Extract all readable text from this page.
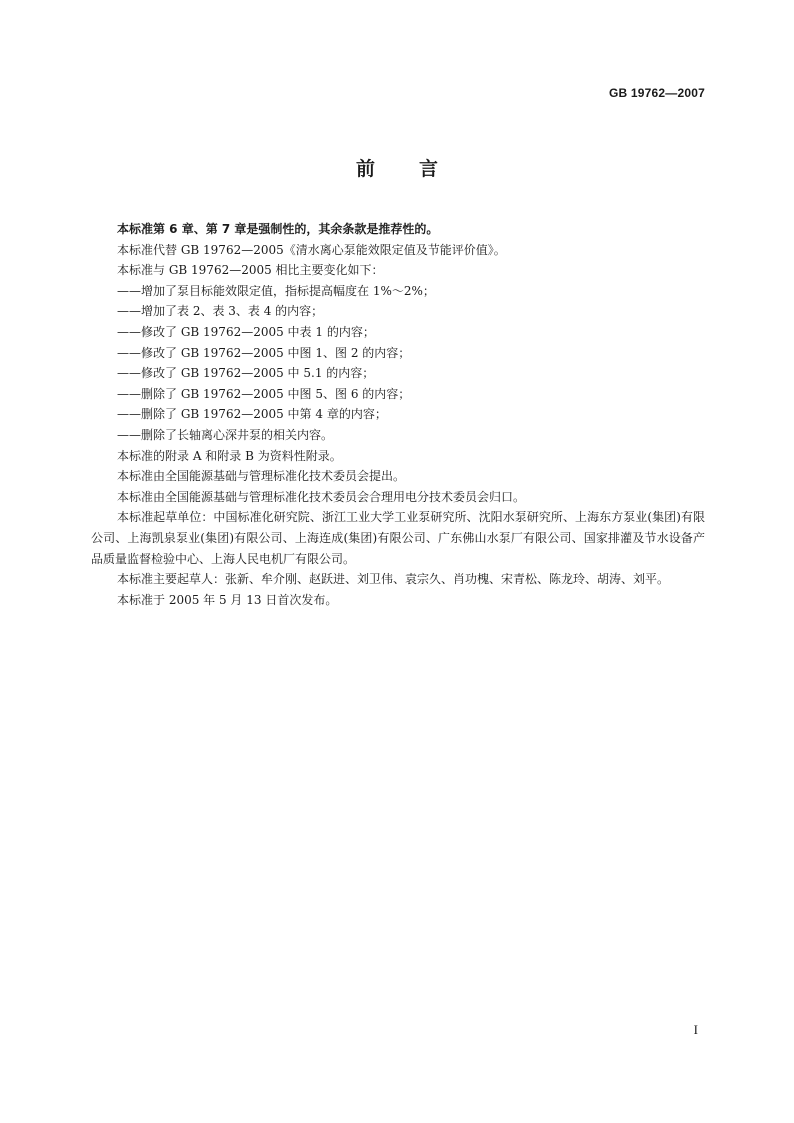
GB 19762—2007
前言

本标准第 6 章、第 7 章是强制性的，其余条款是推荐性的。

本标准代替 GB 19762—2005《清水离心泵能效限定值及节能评价值》。

本标准与 GB 19762—2005 相比主要变化如下：

——增加了泵目标能效限定值，指标提高幅度在 1%～2%；

——增加了表 2、表 3、表 4 的内容；

——修改了 GB 19762—2005 中表 1 的内容；

——修改了 GB 19762—2005 中图 1、图 2 的内容；

——修改了 GB 19762—2005 中 5.1 的内容；

——删除了 GB 19762—2005 中图 5、图 6 的内容；

——删除了 GB 19762—2005 中第 4 章的内容；

——删除了长轴离心深井泵的相关内容。

本标准的附录 A 和附录 B 为资料性附录。

本标准由全国能源基础与管理标准化技术委员会提出。

本标准由全国能源基础与管理标准化技术委员会合理用电分技术委员会归口。

本标准起草单位：中国标准化研究院、浙江工业大学工业泵研究所、沈阳水泵研究所、上海东方泵业(集团)有限公司、上海凯泉泵业(集团)有限公司、上海连成(集团)有限公司、广东佛山水泵厂有限公司、国家排灌及节水设备产品质量监督检验中心、上海人民电机厂有限公司。

本标准主要起草人：张新、牟介刚、赵跃进、刘卫伟、袁宗久、肖功槐、宋青松、陈龙玲、胡涛、刘平。

本标准于 2005 年 5 月 13 日首次发布。

I
